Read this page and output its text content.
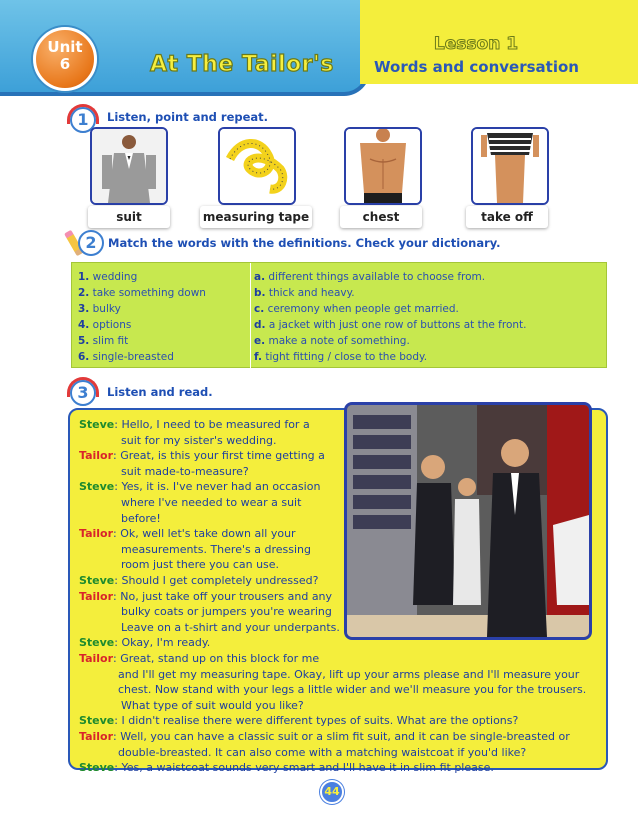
Unit
6	At The Tailor's
Lesson 1
Words and conversation
1	Listen, point and repeat.
suit	measuring tape	chest	take off
2 Match the words with the definitions. Check your dictionary.
1. wedding
2. take something down
3. bulky
4. options
5. slim fit
6. single-breasted
a. different things available to choose from.
b. thick and heavy.
c. ceremony when people get married.
d. a jacket with just one row of buttons at the front.
e. make a note of something.
f. tight fitting / close to the body.
3	Listen and read.
Steve: Hello, I need to be measured for a
suit for my sister's wedding.
Tailor: Great, is this your first time getting a
suit made-to-measure?
Steve: Yes, it is. I've never had an occasion
where I've needed to wear a suit
before!
Tailor: Ok, well let's take down all your
measurements. There's a dressing
room just there you can use.
Steve: Should I get completely undressed?
Tailor: No, just take off your trousers and any
bulky coats or jumpers you're wearing
Leave on a t-shirt and your underpants.
Steve: Okay, I'm ready.
Tailor: Great, stand up on this block for me
and I'll get my measuring tape. Okay, lift up your arms please and I'll measure your
chest. Now stand with your legs a little wider and we'll measure you for the trousers.
What type of suit would you like?
Steve: I didn't realise there were different types of suits. What are the options?
Tailor: Well, you can have a classic suit or a slim fit suit, and it can be single-breasted or
double-breasted. It can also come with a matching waistcoat if you'd like?
Steve: Yes, a waistcoat sounds very smart and I'll have it in slim fit please.
44
